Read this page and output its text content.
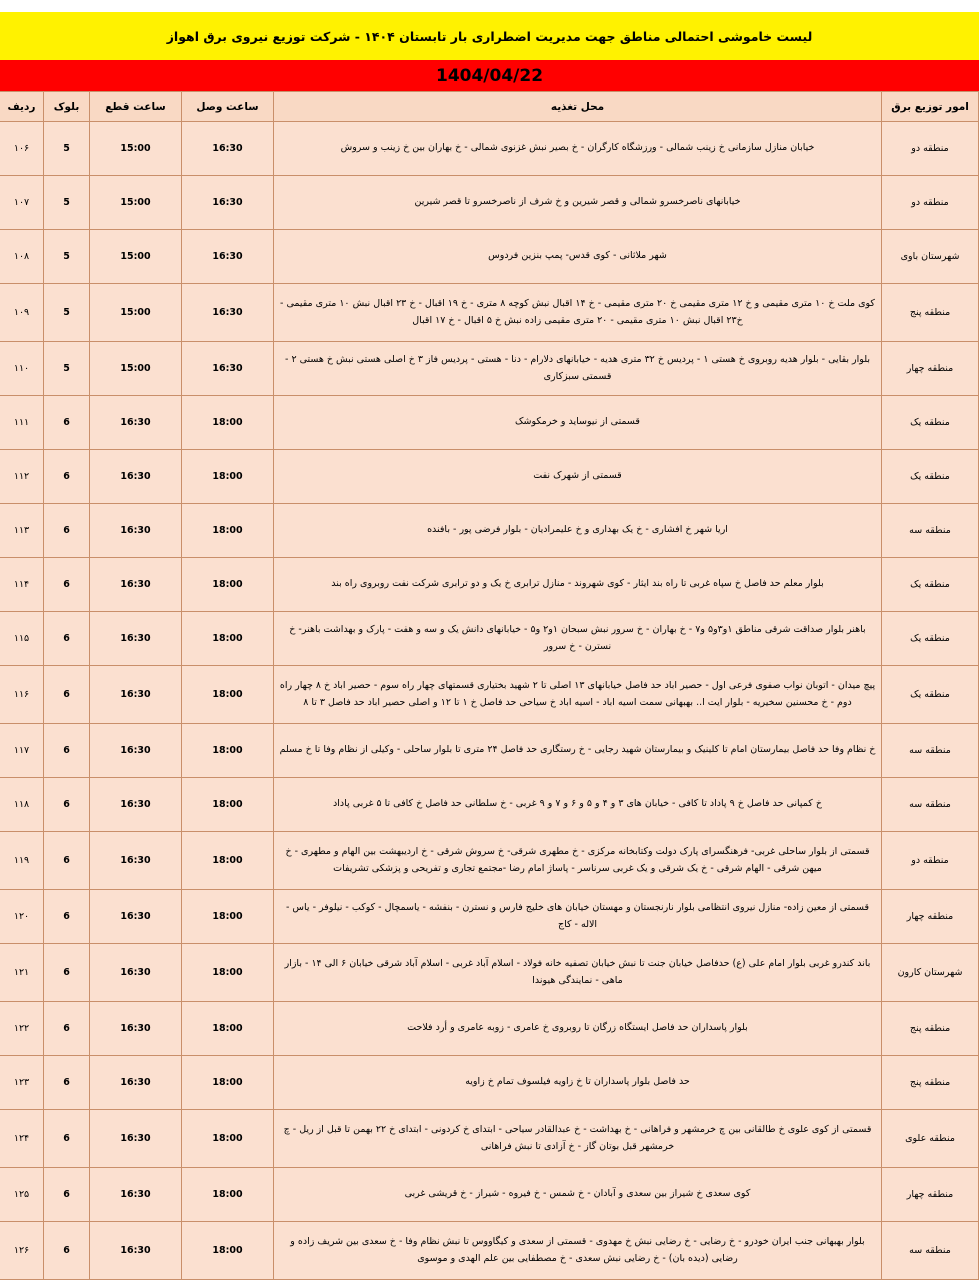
لیست خاموشی احتمالی مناطق جهت مدیریت اضطراری بار تابستان ۱۴۰۴ - شرکت توزیع نیروی برق اهواز
1404/04/22
امور توزیع برق	محل تغذیه	ساعت وصل	ساعت قطع	بلوک	ردیف
منطقه دو	خیابان منازل سازمانی خ زینب شمالی - ورزشگاه کارگران - خ بصیر نبش غزنوی شمالی - خ بهاران بین خ زینب و سروش	16:30	15:00	5	۱۰۶
منطقه دو	خیابانهای ناصرخسرو شمالی و قصر شیرین و خ شرف از ناصرخسرو تا قصر شیرین	16:30	15:00	5	۱۰۷
شهرستان باوی	شهر ملاثانی - کوی قدس- پمپ بنزین فردوس	16:30	15:00	5	۱۰۸
منطقه پنج	کوی ملت خ ۱۰ متری مقیمی و خ ۱۲ متری مقیمی خ ۲۰ متری مقیمی - خ ۱۴ اقبال نبش کوچه ۸ متری - خ ۱۹ اقبال - خ ۲۳ اقبال نبش ۱۰ متری مقیمی - خ۲۳ اقبال نبش ۱۰ متری مقیمی - ۲۰ متری مقیمی زاده نبش خ ۵ اقبال - خ ۱۷ اقبال	16:30	15:00	5	۱۰۹
منطقه چهار	بلوار بقایی - بلوار هدیه روبروی خ هستی ۱ - پردیس خ ۳۲ متری هدیه - خیابانهای دلارام - دنا - هستی - پردیس فاز ۳ خ اصلی هستی نبش خ هستی ۲ - قسمتی سبزکاری	16:30	15:00	5	۱۱۰
منطقه یک	قسمتی از نیوساید و خرمکوشک	18:00	16:30	6	۱۱۱
منطقه یک	قسمتی از شهرک نفت	18:00	16:30	6	۱۱۲
منطقه سه	اریا شهر خ افشاری - خ یک بهداری و خ علیمرادیان - بلوار فرضی پور - بافنده	18:00	16:30	6	۱۱۳
منطقه یک	بلوار معلم حد فاصل خ سپاه غربی تا راه بند ایثار - کوی شهروند - منازل ترابری خ یک و دو ترابری شرکت نفت روبروی راه بند	18:00	16:30	6	۱۱۴
منطقه یک	باهنر بلوار صداقت شرقی مناطق ۱و۳و۵ و۷ - خ بهاران - خ سرور نبش سبحان ۱و۲ و۵ - خیابانهای دانش یک و سه و هفت - پارک و بهداشت باهنر- خ نسترن - خ سرور	18:00	16:30	6	۱۱۵
منطقه یک	پیچ میدان - اتوبان نواب صفوی فرعی اول - حصیر اباد حد فاصل خیابانهای ۱۳ اصلی تا ۲ شهید بختیاری قسمتهای چهار راه سوم - حصیر اباد خ ۸ چهار راه دوم - خ محسنین سخیریه - بلوار ایت ا.. بهبهانی سمت اسیه اباد - اسیه اباد خ سیاحی حد فاصل خ ۱ تا ۱۲ و اصلی حصیر اباد حد فاصل ۳ تا ۸	18:00	16:30	6	۱۱۶
منطقه سه	خ نظام وفا حد فاصل بیمارستان امام تا کلینیک و بیمارستان شهید رجایی - خ رستگاری حد فاصل ۲۴ متری تا بلوار ساحلی - وکیلی از نظام وفا تا خ مسلم	18:00	16:30	6	۱۱۷
منطقه سه	خ کمپانی حد فاصل خ ۹ پاداد تا کافی - خیابان های ۳ و ۴ و ۵ و ۶ و ۷ و ۹ غربی - خ سلطانی حد فاصل خ کافی تا ۵ غربی پاداد	18:00	16:30	6	۱۱۸
منطقه دو	قسمتی از بلوار ساحلی غربی- فرهنگسرای پارک دولت وکتابخانه مرکزی - خ مطهری شرقی- خ سروش شرقی - خ اردیبهشت بین الهام و مطهری - خ میهن شرقی - الهام شرقی - خ یک شرقی و یک غربی سرناسر - پاساژ امام رضا -مجتمع تجاری و تفریحی و پزشکی تشریفات	18:00	16:30	6	۱۱۹
منطقه چهار	قسمتی از معین زاده- منازل نیروی انتظامی بلوار نارنجستان و مهستان خیابان های خلیج فارس و نسترن - بنفشه - یاسمچال - کوکب - نیلوفر - یاس - الاله - کاج	18:00	16:30	6	۱۲۰
شهرستان کارون	باند کندرو غربی بلوار امام علی (ع) حدفاصل خیابان جنت تا نبش خیابان تصفیه خانه فولاد - اسلام آباد غربی - اسلام آباد شرقی خیابان ۶ الی ۱۴ - بازار ماهی - نمایندگی هیوندا	18:00	16:30	6	۱۲۱
منطقه پنج	بلوار پاسداران حد فاصل ایستگاه زرگان تا روبروی خ عامری - زوبه عامری و أرد فلاحت	18:00	16:30	6	۱۲۲
منطقه پنج	حد فاصل بلوار پاسداران تا خ زاویه فیلسوف تمام خ زاویه	18:00	16:30	6	۱۲۳
منطقه علوی	قسمتی از کوی علوی خ طالقانی بین چ خرمشهر و فراهانی - خ بهداشت - خ عبدالقادر سیاحی - ابتدای خ کردونی - ابتدای خ ۲۲ بهمن تا قبل از ریل - چ خرمشهر قبل بوتان گاز - خ آزادی تا نبش فراهانی	18:00	16:30	6	۱۲۴
منطقه چهار	کوی سعدی خ شیراز بین سعدی و آبادان - خ شمس - خ فیروه - شیراز - خ قریشی غربی	18:00	16:30	6	۱۲۵
منطقه سه	بلوار بهبهانی جنب ایران خودرو - خ رضایی - خ رضایی نبش خ مهدوی - قسمتی از سعدی و کیگاووس تا نبش نظام وفا - خ سعدی بین شریف زاده و رضایی (دیده بان) - خ رضایی نبش سعدی - خ مصطفایی بین علم الهدی و موسوی	18:00	16:30	6	۱۲۶
